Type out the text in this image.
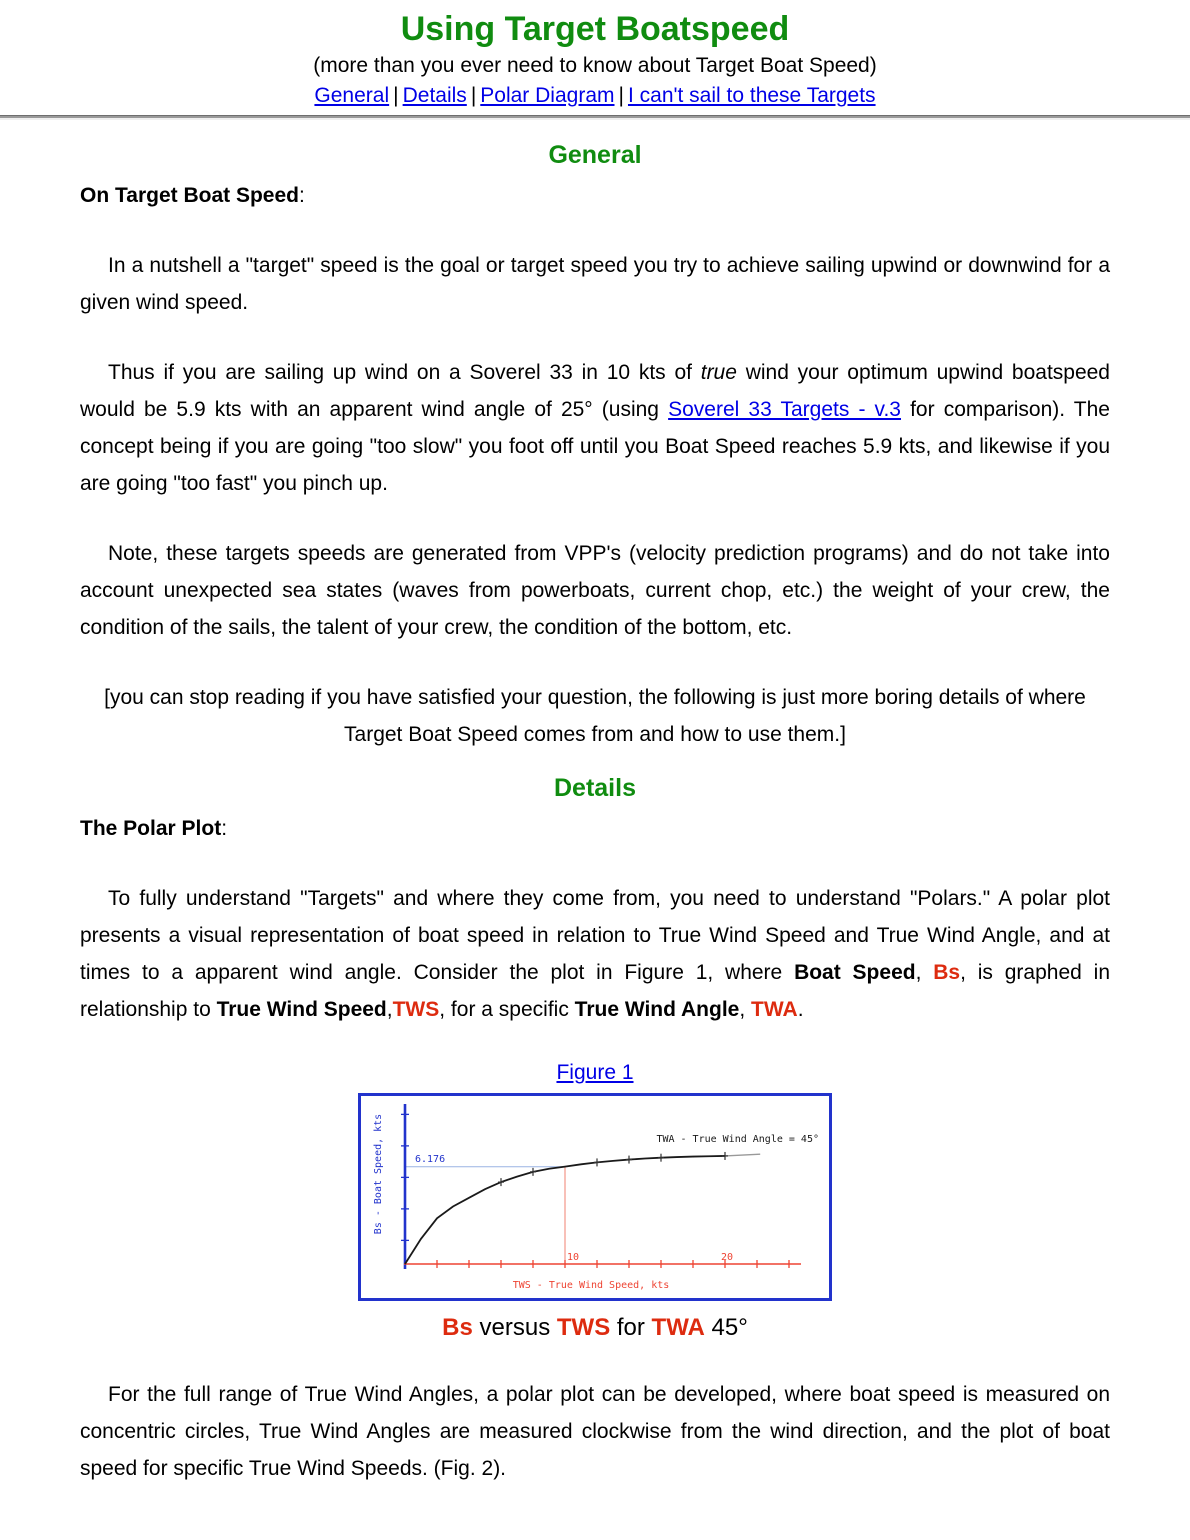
Using Target Boatspeed
(more than you ever need to know about Target Boat Speed)
General | Details | Polar Diagram | I can't sail to these Targets
General
On Target Boat Speed:

In a nutshell a "target" speed is the goal or target speed you try to achieve sailing upwind or downwind for a given wind speed.

Thus if you are sailing up wind on a Soverel 33 in 10 kts of true wind your optimum upwind boatspeed would be 5.9 kts with an apparent wind angle of 25° (using Soverel 33 Targets - v.3 for comparison). The concept being if you are going "too slow" you foot off until you Boat Speed reaches 5.9 kts, and likewise if you are going "too fast" you pinch up.

Note, these targets speeds are generated from VPP's (velocity prediction programs) and do not take into account unexpected sea states (waves from powerboats, current chop, etc.) the weight of your crew, the condition of the sails, the talent of your crew, the condition of the bottom, etc.

[you can stop reading if you have satisfied your question, the following is just more boring details of where Target Boat Speed comes from and how to use them.]

Details
The Polar Plot:

To fully understand "Targets" and where they come from, you need to understand "Polars." A polar plot presents a visual representation of boat speed in relation to True Wind Speed and True Wind Angle, and at times to a apparent wind angle. Consider the plot in Figure 1, where Boat Speed, Bs, is graphed in relationship to True Wind Speed,TWS, for a specific True Wind Angle, TWA.

Figure 1
6.176
10	20
TWA - True Wind Angle = 45°
TWS - True Wind Speed, kts
Bs - Boat Speed, kts
Bs versus TWS for TWA 45°

For the full range of True Wind Angles, a polar plot can be developed, where boat speed is measured on concentric circles, True Wind Angles are measured clockwise from the wind direction, and the plot of boat speed for specific True Wind Speeds. (Fig. 2).
